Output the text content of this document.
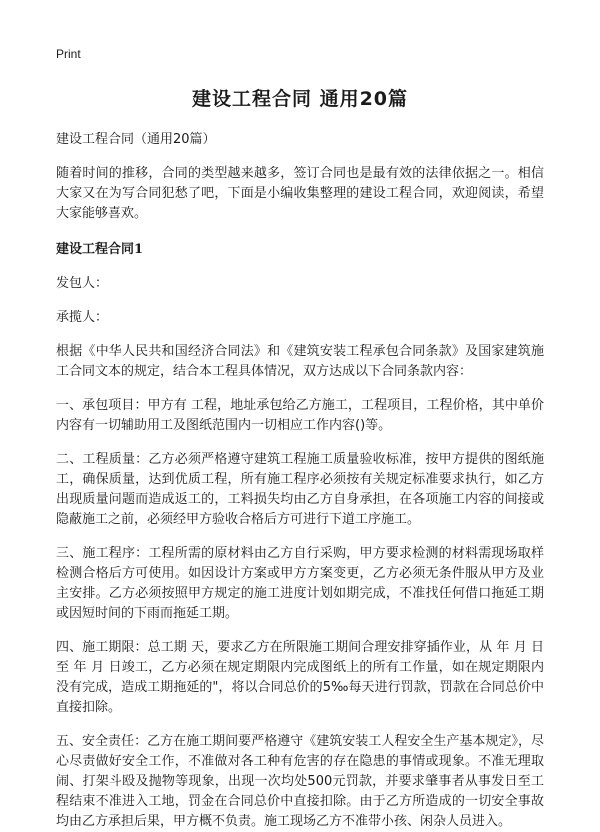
Print

建设工程合同 通用20篇

建设工程合同（通用20篇）

随着时间的推移，合同的类型越来越多，签订合同也是最有效的法律依据之一。相信大家又在为写合同犯愁了吧，下面是小编收集整理的建设工程合同，欢迎阅读，希望大家能够喜欢。

建设工程合同1

发包人：

承揽人：

根据《中华人民共和国经济合同法》和《建筑安装工程承包合同条款》及国家建筑施工合同文本的规定，结合本工程具体情况，双方达成以下合同条款内容：

一、承包项目：甲方有 工程，地址承包给乙方施工，工程项目，工程价格，其中单价内容有一切辅助用工及图纸范围内一切相应工作内容()等。

二、工程质量：乙方必须严格遵守建筑工程施工质量验收标准，按甲方提供的图纸施工，确保质量，达到优质工程，所有施工程序必须按有关规定标准要求执行，如乙方出现质量问题而造成返工的，工料损失均由乙方自身承担，在各项施工内容的间接或隐蔽施工之前，必须经甲方验收合格后方可进行下道工序施工。

三、施工程序：工程所需的原材料由乙方自行采购，甲方要求检测的材料需现场取样检测合格后方可使用。如因设计方案或甲方方案变更，乙方必须无条件服从甲方及业主安排。乙方必须按照甲方规定的施工进度计划如期完成，不准找任何借口拖延工期或因短时间的下雨而拖延工期。

四、施工期限：总工期 天，要求乙方在所限施工期间合理安排穿插作业，从 年 月 日至 年 月 日竣工，乙方必须在规定期限内完成图纸上的所有工作量，如在规定期限内没有完成，造成工期拖延的"，将以合同总价的5‰每天进行罚款，罚款在合同总价中直接扣除。

五、安全责任：乙方在施工期间要严格遵守《建筑安装工人程安全生产基本规定》，尽心尽责做好安全工作，不准做对各工种有危害的存在隐患的事情或现象。不准无理取闹、打架斗殴及抛物等现象，出现一次均处500元罚款，并要求肇事者从事发日至工程结束不准进入工地，罚金在合同总价中直接扣除。由于乙方所造成的一切安全事故均由乙方承担后果，甲方概不负责。施工现场乙方不准带小孩、闲杂人员进入。
